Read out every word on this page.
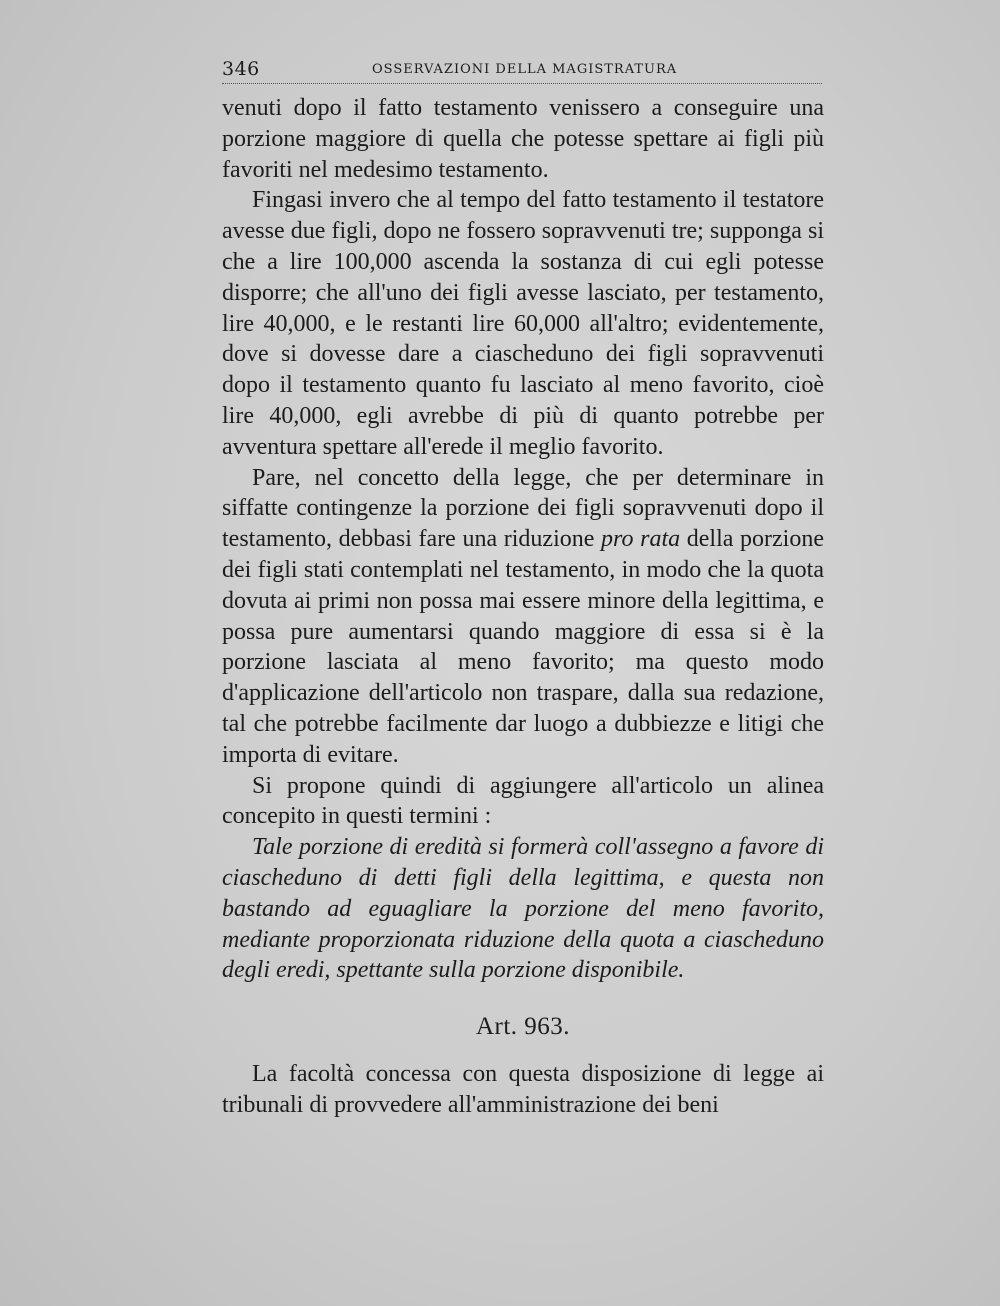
346	OSSERVAZIONI DELLA MAGISTRATURA

venuti dopo il fatto testamento venissero a conseguire una porzione maggiore di quella che potesse spettare ai figli più favoriti nel medesimo testamento.

Fingasi invero che al tempo del fatto testamento il testatore avesse due figli, dopo ne fossero sopravvenuti tre; supponga si che a lire 100,000 ascenda la sostanza di cui egli potesse disporre; che all'uno dei figli avesse lasciato, per testamento, lire 40,000, e le restanti lire 60,000 all'altro; evidentemente, dove si dovesse dare a ciascheduno dei figli sopravvenuti dopo il testamento quanto fu lasciato al meno favorito, cioè lire 40,000, egli avrebbe di più di quanto potrebbe per avventura spettare all'erede il meglio favorito.

Pare, nel concetto della legge, che per determinare in siffatte contingenze la porzione dei figli sopravvenuti dopo il testamento, debbasi fare una riduzione pro rata della porzione dei figli stati contemplati nel testamento, in modo che la quota dovuta ai primi non possa mai essere minore della legittima, e possa pure aumentarsi quando maggiore di essa si è la porzione lasciata al meno favorito; ma questo modo d'applicazione dell'articolo non traspare, dalla sua redazione, tal che potrebbe facilmente dar luogo a dubbiezze e litigi che importa di evitare.

Si propone quindi di aggiungere all'articolo un alinea concepito in questi termini :

Tale porzione di eredità si formerà coll'assegno a favore di ciascheduno di detti figli della legittima, e questa non bastando ad eguagliare la porzione del meno favorito, mediante proporzionata riduzione della quota a ciascheduno degli eredi, spettante sulla porzione disponibile.

Art. 963.

La facoltà concessa con questa disposizione di legge ai tribunali di provvedere all'amministrazione dei beni
